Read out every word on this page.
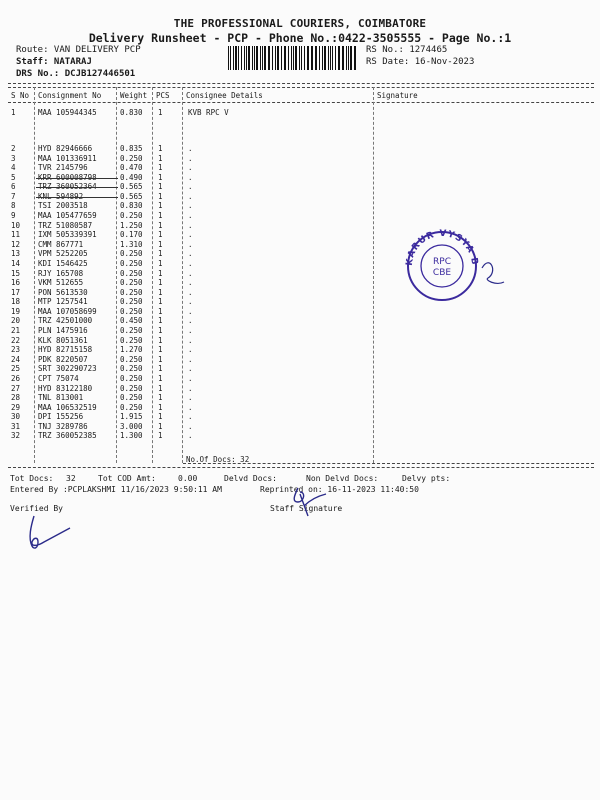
THE PROFESSIONAL COURIERS, COIMBATORE
Delivery Runsheet - PCP - Phone No.:0422-3505555 - Page No.:1
Route: VAN DELIVERY PCP
Staff: NATARAJ
DRS No.: DCJB127446501
RS No.: 1274465
RS Date: 16-Nov-2023
S No Consignment No	Weight PCS Consignee Details	Signature
1	MAA 105944345	0.830 1	KVB RPC V
2	HYD 82946666	0.835 1	.
3	MAA 101336911	0.250 1	.
4	TVR 2145796	0.470 1	.
5	KRR 600008798	0.490 1	.
6	TRZ 360052364	0.565 1	.
7	KNL 594892	0.565 1	.
8	TSI 2003518	0.830 1	.
9	MAA 105477659	0.250 1	.
10 TRZ 51080587	1.250 1	.
11 IXM 505339391	0.170 1	.
12 CMM 867771	1.310 1	.
13 VPM 5252205	0.250 1	.
14 KDI 1546425	0.250 1	.
15 RJY 165708	0.250 1	.
16 VKM 512655	0.250 1	.
17 PON 5613530	0.250 1	.
18 MTP 1257541	0.250 1	.
19 MAA 107058699	0.250 1	.
20 TRZ 42501000	0.450 1	.
21 PLN 1475916	0.250 1	.
22 KLK 8051361	0.250 1	.
23 HYD 82715158	1.270 1	.
24 PDK 8220507	0.250 1	.
25 SRT 302290723	0.250 1	.
26 CPT 75074	0.250 1	.
27 HYD 83122180	0.250 1	.
28 TNL 813001	0.250 1	.
29 MAA 106532519	0.250 1	.
30 DPI 155256	1.915 1	.
31 TNJ 3289786	3.000 1	.
32 TRZ 360052385	1.300 1	.
No.Of Docs: 32
Tot Docs: 32	Tot COD Amt:	0.00	Delvd Docs:	Non Delvd Docs:	Delvy pts:
Entered By :PCPLAKSHMI 11/16/2023 9:50:11 AM	Reprinted on: 16-11-2023 11:40:50
Verified By	Staff Signature
KARUR VYSYA B
RPC
CBE
